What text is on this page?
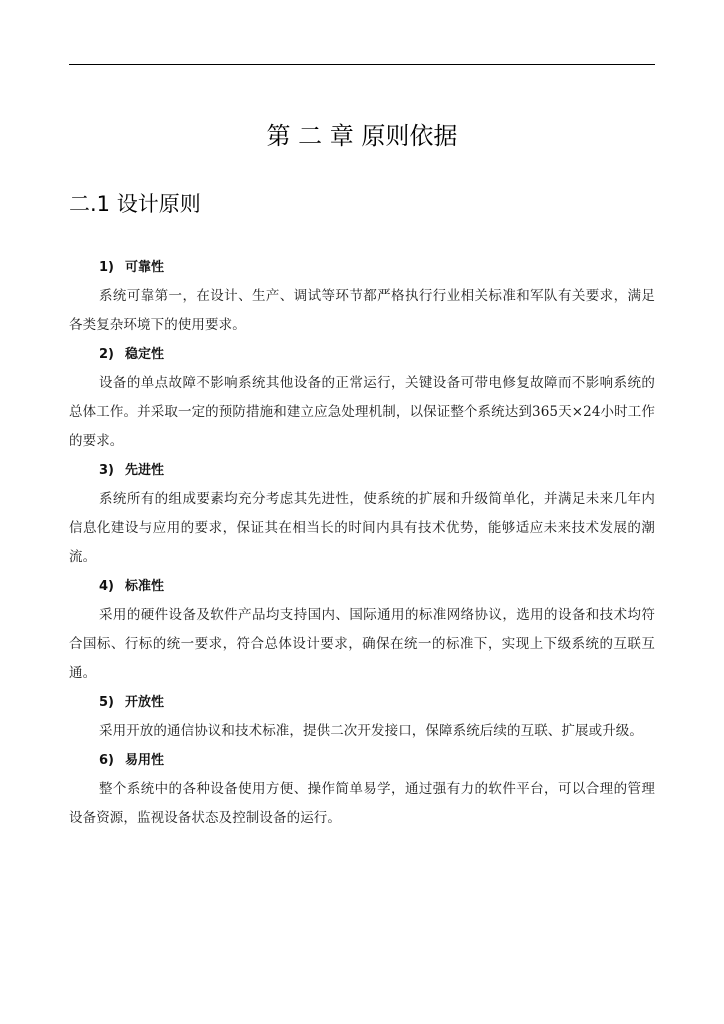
第 二 章 原则依据
二.1 设计原则

1) 可靠性

系统可靠第一，在设计、生产、调试等环节都严格执行行业相关标准和军队有关要求，满足各类复杂环境下的使用要求。

2) 稳定性

设备的单点故障不影响系统其他设备的正常运行，关键设备可带电修复故障而不影响系统的总体工作。并采取一定的预防措施和建立应急处理机制，以保证整个系统达到365天×24小时工作的要求。

3) 先进性

系统所有的组成要素均充分考虑其先进性，使系统的扩展和升级简单化，并满足未来几年内信息化建设与应用的要求，保证其在相当长的时间内具有技术优势，能够适应未来技术发展的潮流。

4) 标准性

采用的硬件设备及软件产品均支持国内、国际通用的标准网络协议，选用的设备和技术均符合国标、行标的统一要求，符合总体设计要求，确保在统一的标准下，实现上下级系统的互联互通。

5) 开放性

采用开放的通信协议和技术标准，提供二次开发接口，保障系统后续的互联、扩展或升级。

6) 易用性

整个系统中的各种设备使用方便、操作简单易学，通过强有力的软件平台，可以合理的管理设备资源，监视设备状态及控制设备的运行。
